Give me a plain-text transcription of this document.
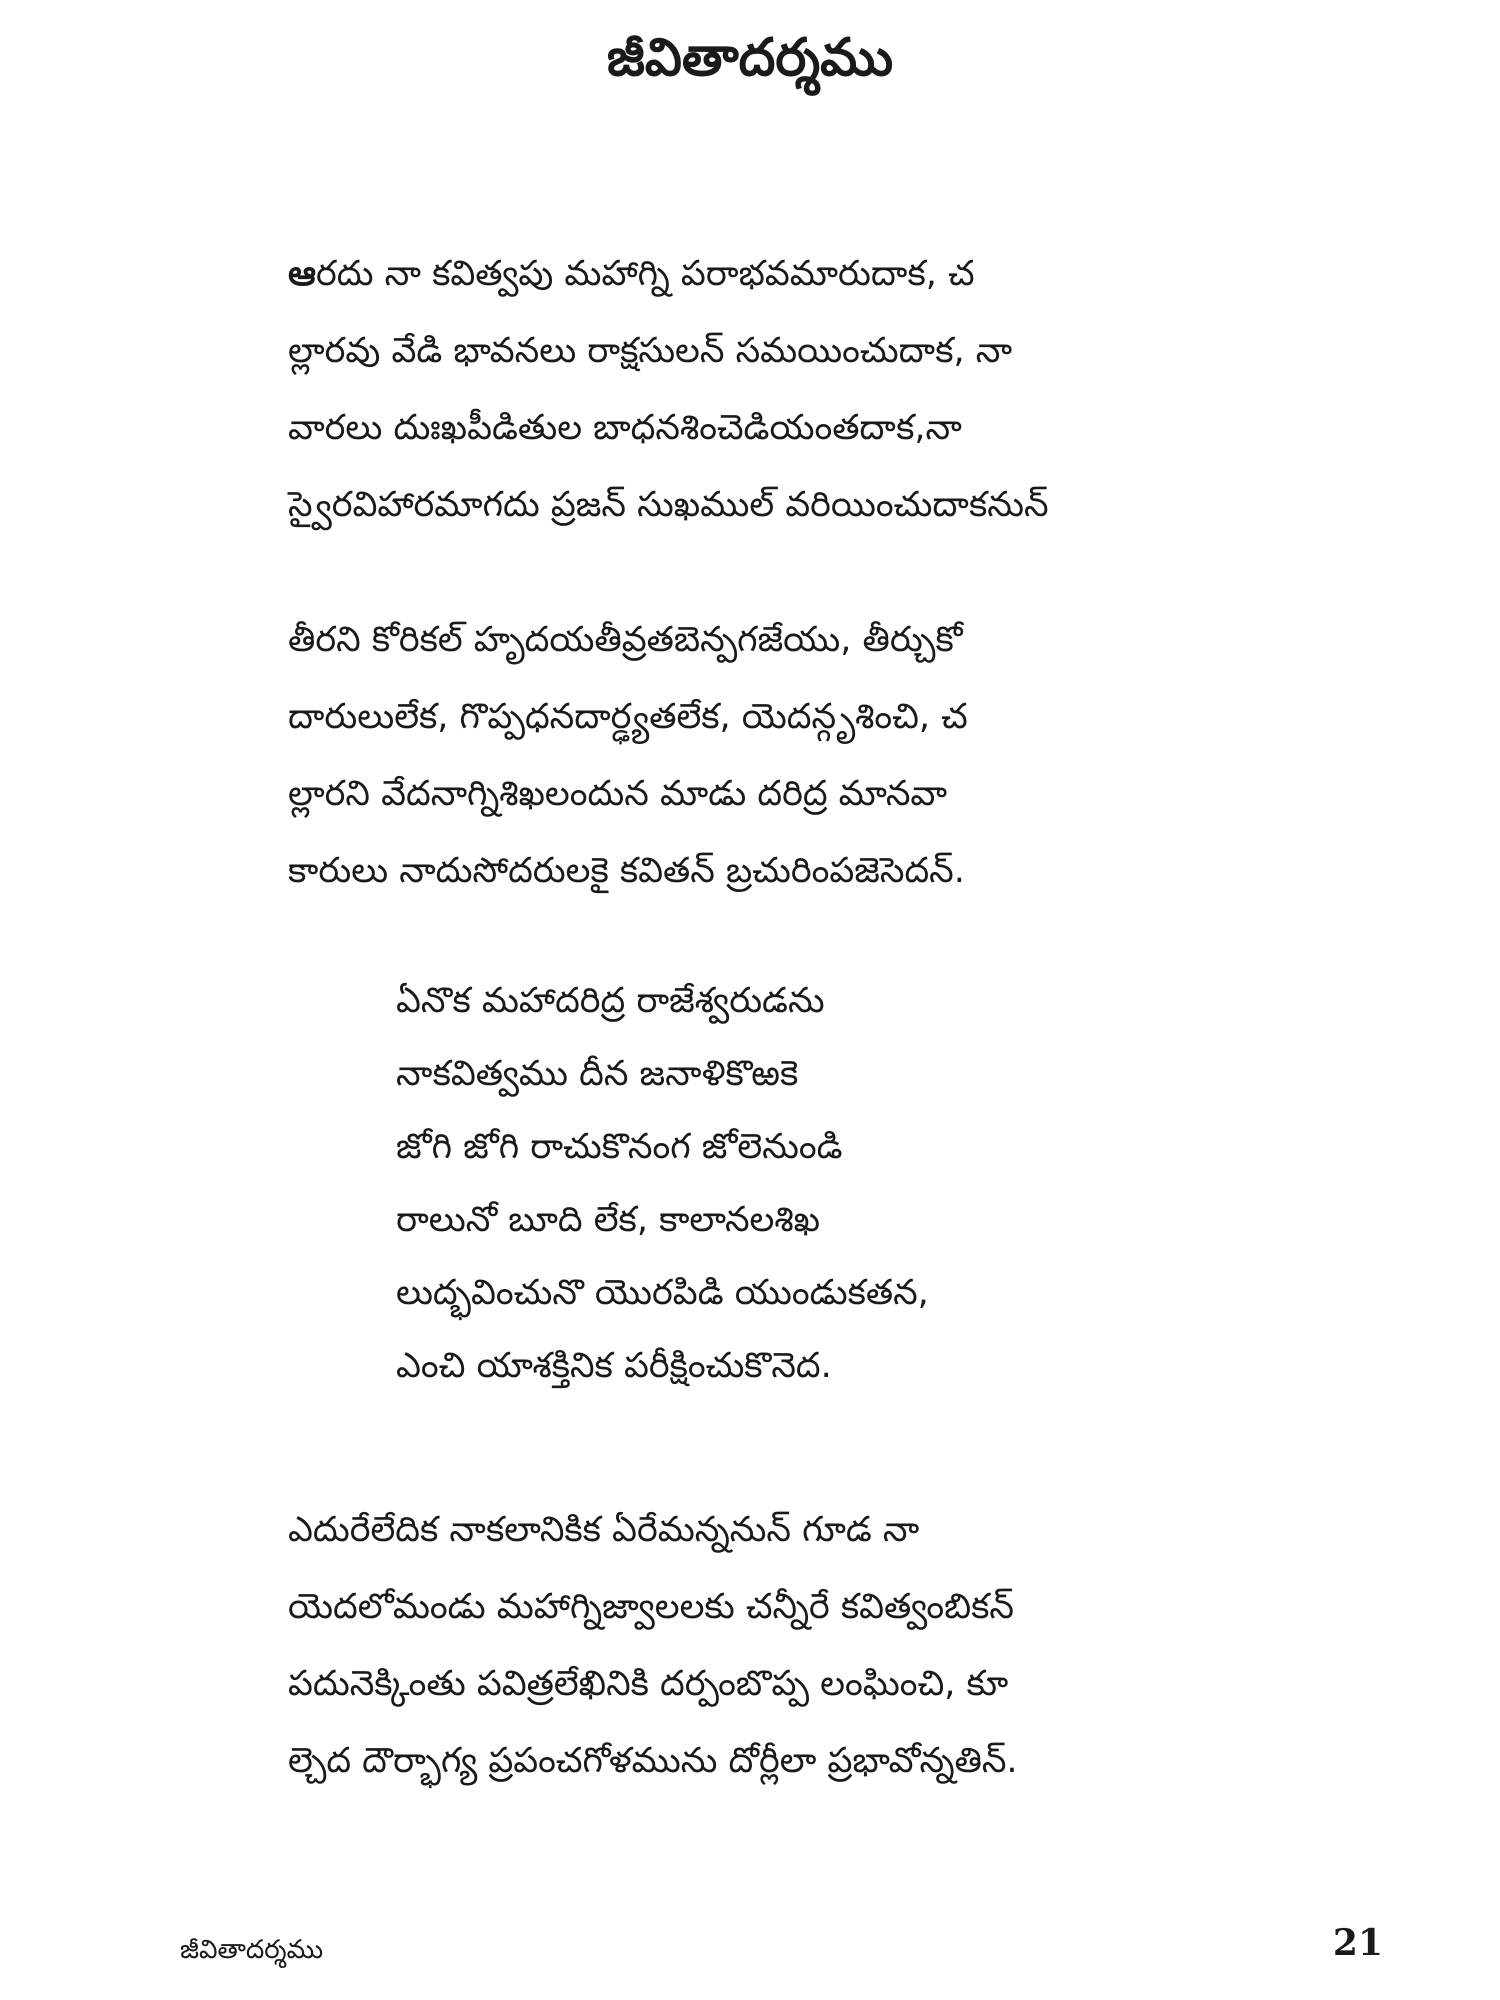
జీవితాదర్శము
ఆరదు నా కవిత్వపు మహాగ్ని పరాభవమారుదాక, చ
ల్లారవు వేడి భావనలు రాక్షసులన్ సమయించుదాక, నా
వారలు దుఃఖపీడితుల బాధనశించెడియంతదాక,నా
స్వైరవిహారమాగదు ప్రజన్ సుఖముల్ వరియించుదాకనున్
తీరని కోరికల్ హృదయతీవ్రతబెన్పగజేయు, తీర్చుకో
దారులులేక, గొప్పధనదార్ఢ్యతలేక, యెదన్గృశించి, చ
ల్లారని వేదనాగ్నిశిఖలందున మాడు దరిద్ర మానవా
కారులు నాదుసోదరులకై కవితన్ బ్రచురింపజెసెదన్.
ఏనొక మహాదరిద్ర రాజేశ్వరుడను
నాకవిత్వము దీన జనాళికొఱకె
జోగి జోగి రాచుకొనంగ జోలెనుండి
రాలునో బూది లేక, కాలానలశిఖ
లుద్భవించునొ యొరపిడి యుండుకతన,
ఎంచి యాశక్తినిక పరీక్షించుకొనెద.
ఎదురేలేదిక నాకలానికిక ఏరేమన్ననున్ గూడ నా
యెదలోమండు మహాగ్నిజ్వాలలకు చన్నీరే కవిత్వంబికన్
పదునెక్కింతు పవిత్రలేఖినికి దర్పంబొప్ప లంఘించి, కూ
ల్చెద దౌర్భాగ్య ప్రపంచగోళమును దోర్లీలా ప్రభావోన్నతిన్.
జీవితాదర్శము	21
